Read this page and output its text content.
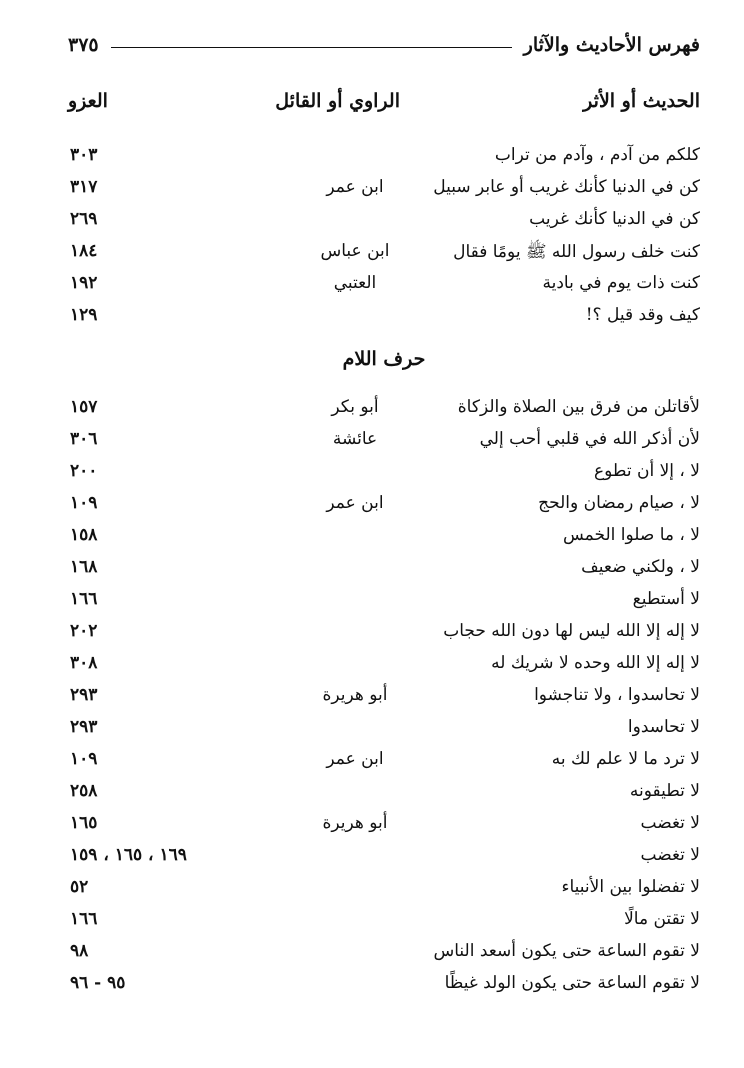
فهرس الأحاديث والآثار
٣٧٥
الحديث أو الأثر
الراوي أو القائل
العزو
كلكم من آدم ، وآدم من تراب
٣٠٣
كن في الدنيا كأنك غريب أو عابر سبيل
ابن عمر
٣١٧
كن في الدنيا كأنك غريب
٢٦٩
كنت خلف رسول الله ﷺ يومًا فقال
ابن عباس
١٨٤
كنت ذات يوم في بادية
العتبي
١٩٢
كيف وقد قيل ؟!
١٢٩
حرف اللام
لأقاتلن من فرق بين الصلاة والزكاة
أبو بكر
١٥٧
لأن أذكر الله في قلبي أحب إلي
عائشة
٣٠٦
لا ، إلا أن تطوع
٢٠٠
لا ، صيام رمضان والحج
ابن عمر
١٠٩
لا ، ما صلوا الخمس
١٥٨
لا ، ولكني ضعيف
١٦٨
لا أستطيع
١٦٦
لا إله إلا الله ليس لها دون الله حجاب
٢٠٢
لا إله إلا الله وحده لا شريك له
٣٠٨
لا تحاسدوا ، ولا تناجشوا
أبو هريرة
٢٩٣
لا تحاسدوا
٢٩٣
لا ترد ما لا علم لك به
ابن عمر
١٠٩
لا تطيقونه
٢٥٨
لا تغضب
أبو هريرة
١٦٥
لا تغضب
١٦٩ ، ١٦٥ ، ١٥٩
لا تفضلوا بين الأنبياء
٥٢
لا تقتن مالًا
١٦٦
لا تقوم الساعة حتى يكون أسعد الناس
٩٨
لا تقوم الساعة حتى يكون الولد غيظًا
٩٥ - ٩٦
